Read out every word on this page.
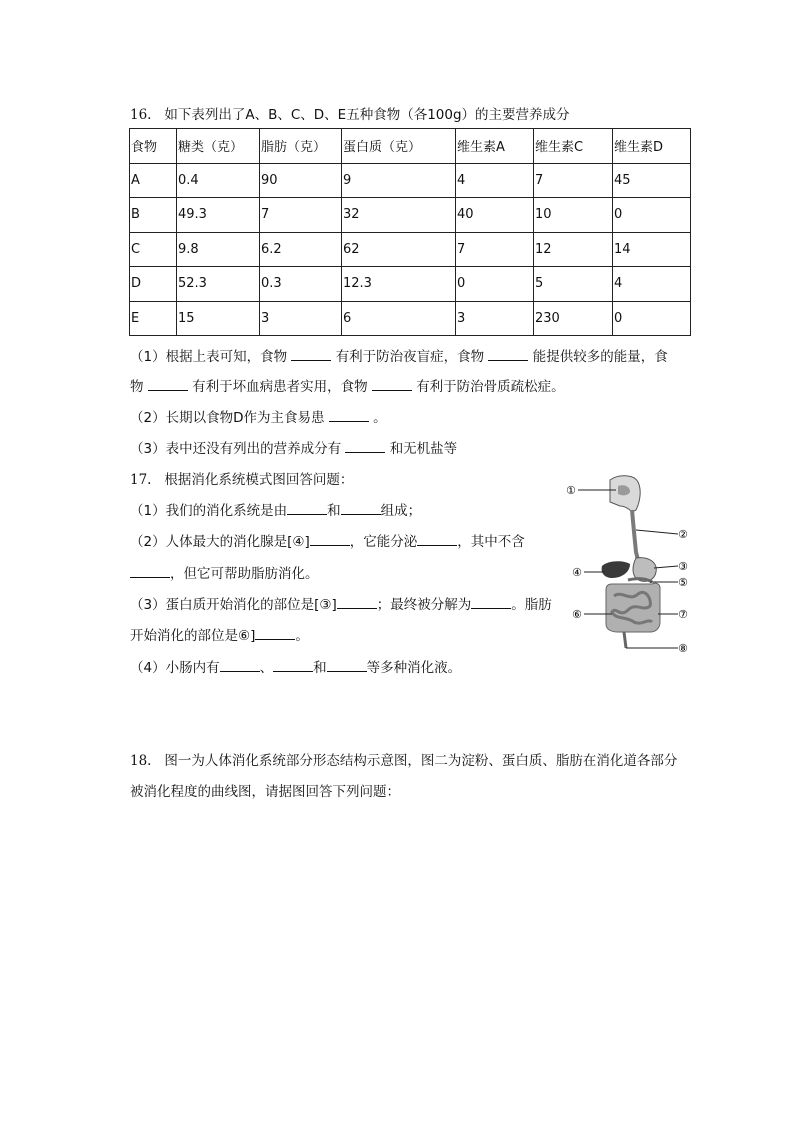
16. 如下表列出了A、B、C、D、E五种食物（各100g）的主要营养成分
食物	糖类（克）	脂肪（克）	蛋白质（克）	维生素A	维生素C	维生素D
A	0.4	90	9	4	7	45
B	49.3	7	32	40	10	0
C	9.8	6.2	62	7	12	14
D	52.3	0.3	12.3	0	5	4
E	15	3	6	3	230	0
（1）根据上表可知，食物	有利于防治夜盲症，食物	能提供较多的能量，食
物	有利于坏血病患者实用，食物	有利于防治骨质疏松症。
（2）长期以食物D作为主食易患	。
（3）表中还没有列出的营养成分有	和无机盐等
17. 根据消化系统模式图回答问题：
（1）我们的消化系统是由	和	组成；
（2）人体最大的消化腺是[④]	，它能分泌	，其中不含
，但它可帮助脂肪消化。
（3）蛋白质开始消化的部位是[③]	；最终被分解为	。脂肪
开始消化的部位是⑥]	。
（4）小肠内有	、	和	等多种消化液。
①
②
③
④
⑤
⑥	⑦
⑧
18. 图一为人体消化系统部分形态结构示意图，图二为淀粉、蛋白质、脂肪在消化道各部分
被消化程度的曲线图，请据图回答下列问题：
